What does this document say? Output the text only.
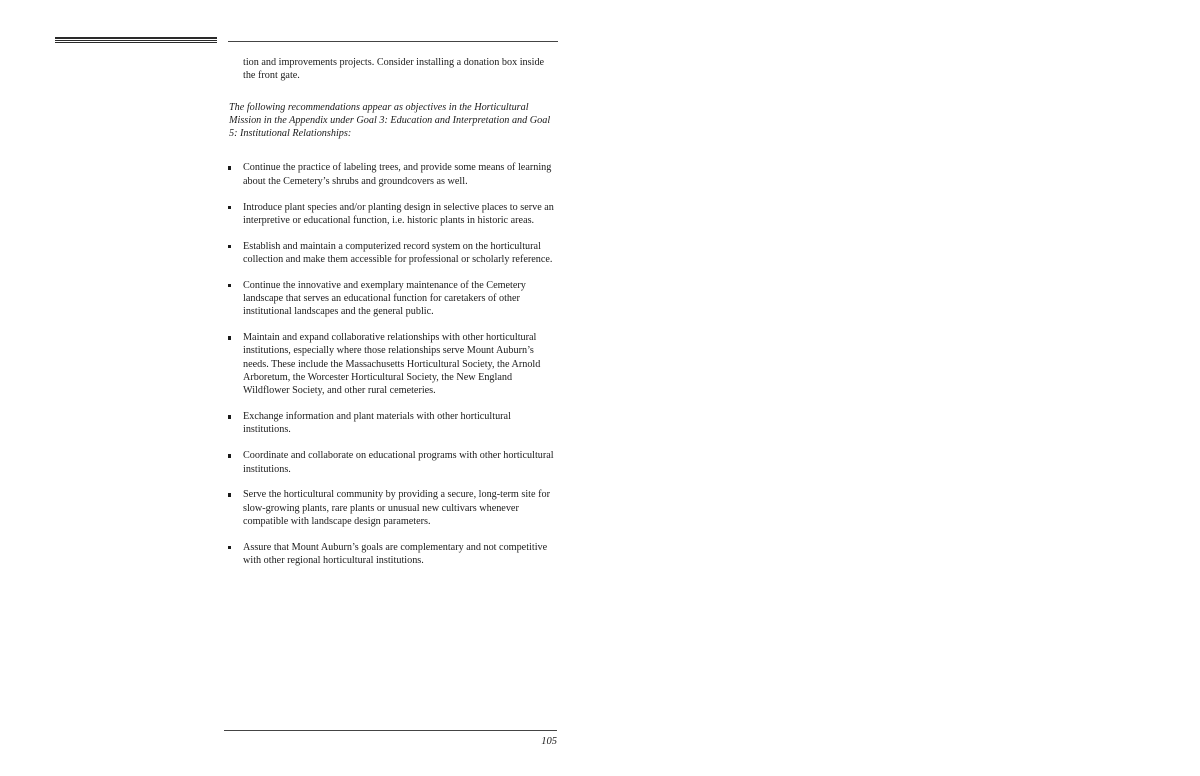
tion and improvements projects. Consider installing a donation box inside the front gate.

The following recommendations appear as objectives in the Horticultural Mission in the Appendix under Goal 3: Education and Interpretation and Goal 5: Institutional Relationships:

Continue the practice of labeling trees, and provide some means of learning about the Cemetery’s shrubs and groundcovers as well.
Introduce plant species and/or planting design in selective places to serve an interpretive or educational function, i.e. historic plants in historic areas.
Establish and maintain a computerized record system on the horticultural collection and make them accessible for professional or scholarly reference.
Continue the innovative and exemplary maintenance of the Cemetery landscape that serves an educational function for caretakers of other institutional landscapes and the general public.
Maintain and expand collaborative relationships with other horticultural institutions, especially where those relationships serve Mount Auburn’s needs. These include the Massachusetts Horticultural Society, the Arnold Arboretum, the Worcester Horticultural Society, the New England Wildflower Society, and other rural cemeteries.
Exchange information and plant materials with other horticultural institutions.
Coordinate and collaborate on educational programs with other horticultural institutions.
Serve the horticultural community by providing a secure, long-term site for slow-growing plants, rare plants or unusual new cultivars whenever compatible with landscape design parameters.
Assure that Mount Auburn’s goals are complementary and not competitive with other regional horticultural institutions.
105
